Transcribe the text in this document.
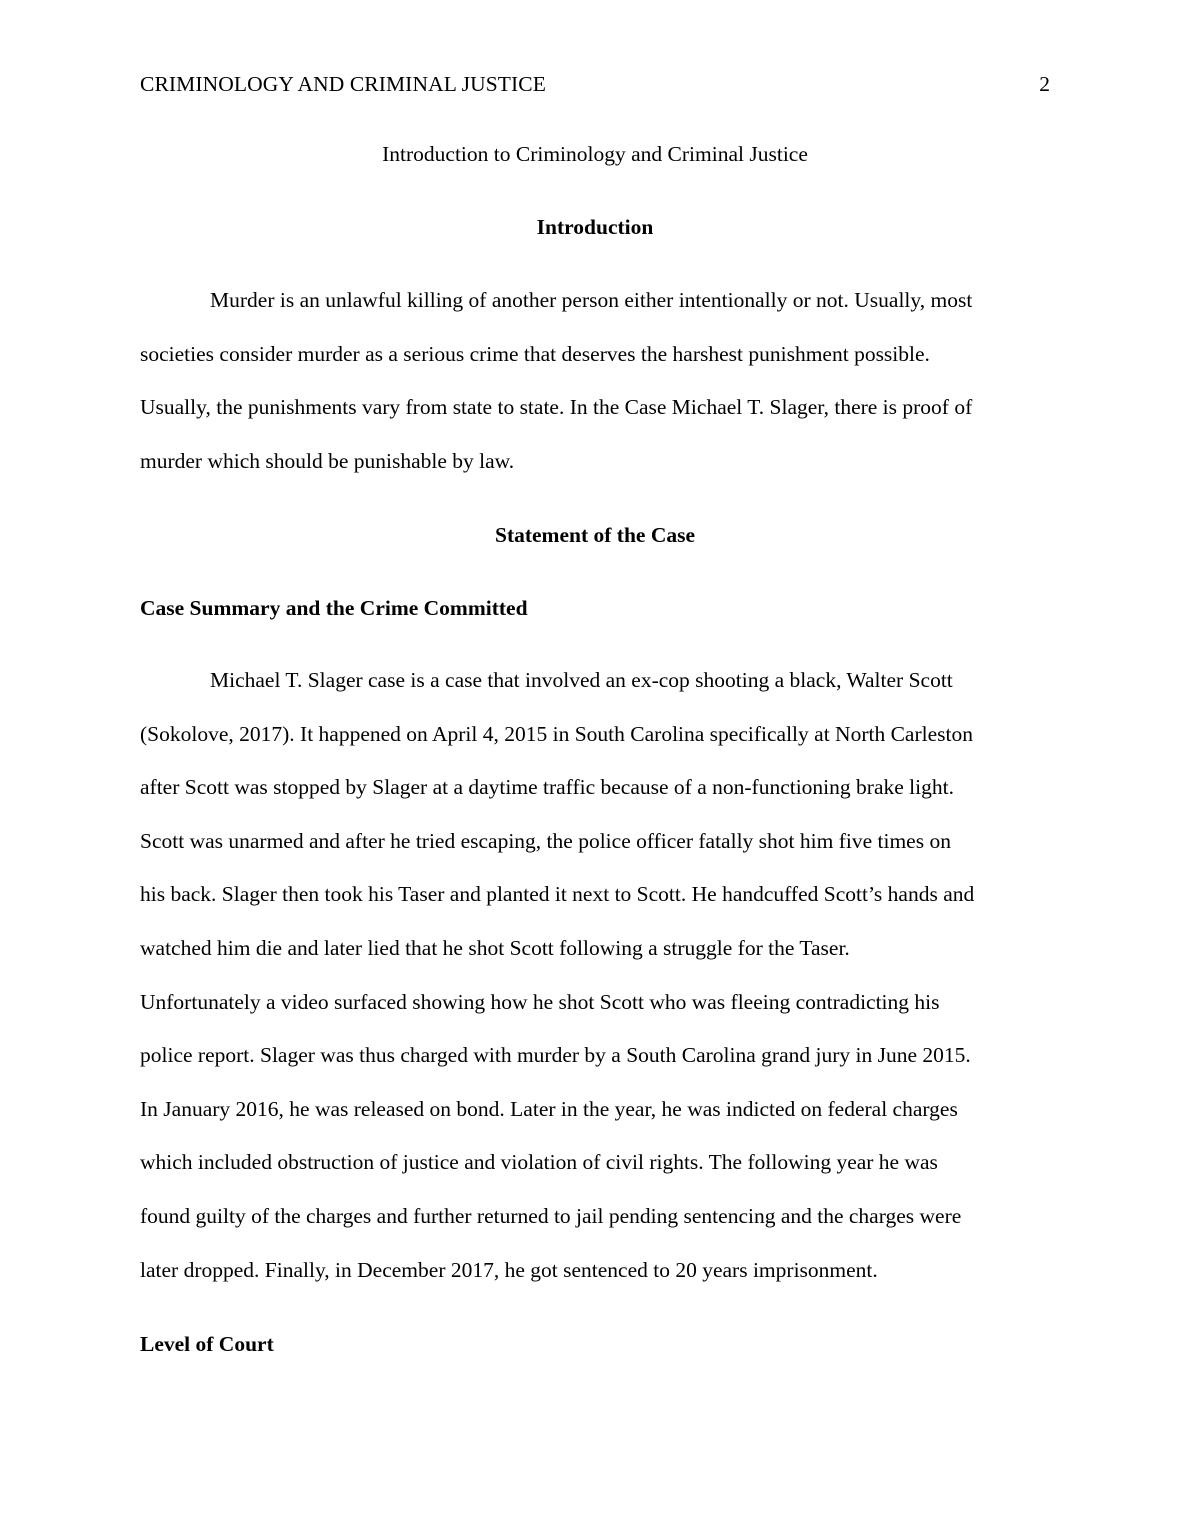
CRIMINOLOGY AND CRIMINAL JUSTICE	2
Introduction to Criminology and Criminal Justice
Introduction
Murder is an unlawful killing of another person either intentionally or not. Usually, most
societies consider murder as a serious crime that deserves the harshest punishment possible.
Usually, the punishments vary from state to state. In the Case Michael T. Slager, there is proof of
murder which should be punishable by law.
Statement of the Case
Case Summary and the Crime Committed
Michael T. Slager case is a case that involved an ex-cop shooting a black, Walter Scott
(Sokolove, 2017). It happened on April 4, 2015 in South Carolina specifically at North Carleston
after Scott was stopped by Slager at a daytime traffic because of a non-functioning brake light.
Scott was unarmed and after he tried escaping, the police officer fatally shot him five times on
his back. Slager then took his Taser and planted it next to Scott. He handcuffed Scott’s hands and
watched him die and later lied that he shot Scott following a struggle for the Taser.
Unfortunately a video surfaced showing how he shot Scott who was fleeing contradicting his
police report. Slager was thus charged with murder by a South Carolina grand jury in June 2015.
In January 2016, he was released on bond. Later in the year, he was indicted on federal charges
which included obstruction of justice and violation of civil rights. The following year he was
found guilty of the charges and further returned to jail pending sentencing and the charges were
later dropped. Finally, in December 2017, he got sentenced to 20 years imprisonment.
Level of Court
